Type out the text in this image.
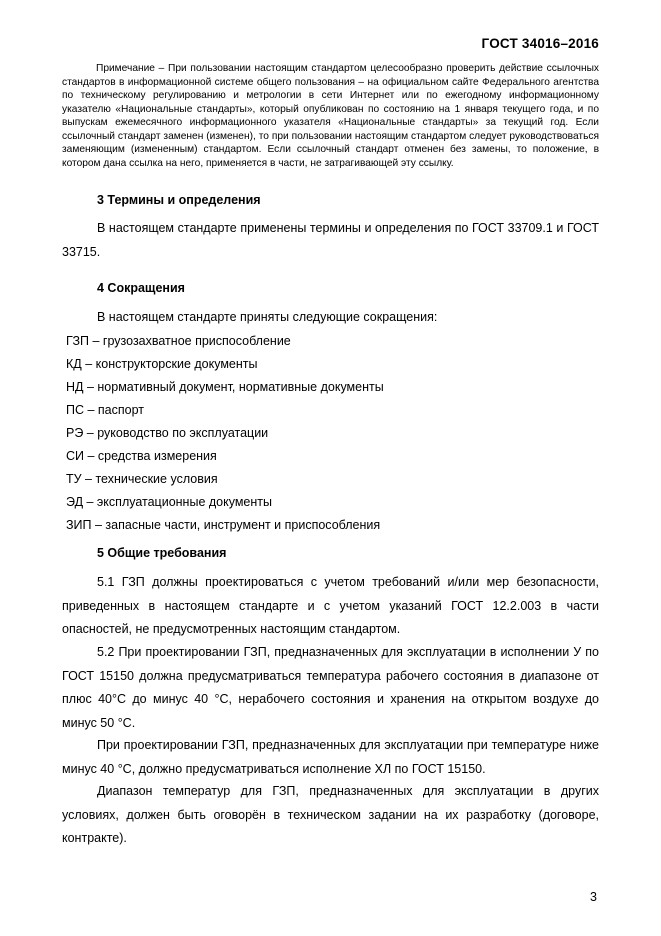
ГОСТ 34016–2016

Примечание – При пользовании настоящим стандартом целесообразно проверить действие ссылочных стандартов в информационной системе общего пользования – на официальном сайте Федерального агентства по техническому регулированию и метрологии в сети Интернет или по ежегодному информационному указателю «Национальные стандарты», который опубликован по состоянию на 1 января текущего года, и по выпускам ежемесячного информационного указателя «Национальные стандарты» за текущий год. Если ссылочный стандарт заменен (изменен), то при пользовании настоящим стандартом следует руководствоваться заменяющим (измененным) стандартом. Если ссылочный стандарт отменен без замены, то положение, в котором дана ссылка на него, применяется в части, не затрагивающей эту ссылку.

3 Термины и определения

В настоящем стандарте применены термины и определения по ГОСТ 33709.1 и ГОСТ 33715.

4 Сокращения
В настоящем стандарте приняты следующие сокращения:
ГЗП – грузозахватное приспособление
КД – конструкторские документы
НД – нормативный документ, нормативные документы
ПС – паспорт
РЭ – руководство по эксплуатации
СИ – средства измерения
ТУ – технические условия
ЭД – эксплуатационные документы
ЗИП – запасные части, инструмент и приспособления
5 Общие требования

5.1 ГЗП должны проектироваться с учетом требований и/или мер безопасности, приведенных в настоящем стандарте и с учетом указаний ГОСТ 12.2.003 в части опасностей, не предусмотренных настоящим стандартом.

5.2 При проектировании ГЗП, предназначенных для эксплуатации в исполнении У по ГОСТ 15150 должна предусматриваться температура рабочего состояния в диапазоне от плюс 40°C до минус 40 °C, нерабочего состояния и хранения на открытом воздухе до минус 50 °C.

При проектировании ГЗП, предназначенных для эксплуатации при температуре ниже минус 40 °C, должно предусматриваться исполнение ХЛ по ГОСТ 15150.

Диапазон температур для ГЗП, предназначенных для эксплуатации в других условиях, должен быть оговорён в техническом задании на их разработку (договоре, контракте).

3
